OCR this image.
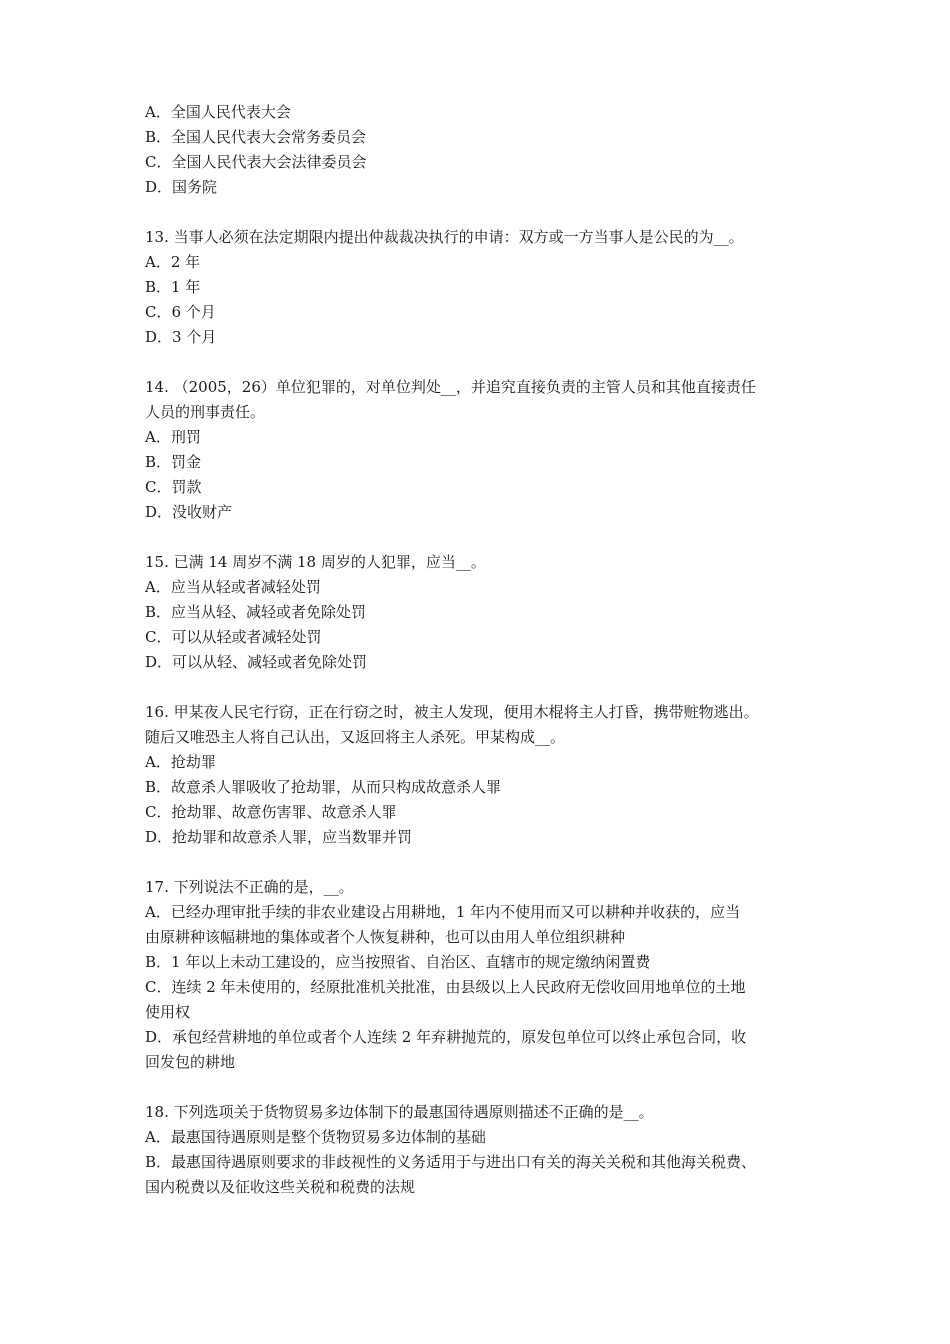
A．全国人民代表大会
B．全国人民代表大会常务委员会
C．全国人民代表大会法律委员会
D．国务院
13. 当事人必须在法定期限内提出仲裁裁决执行的申请：双方或一方当事人是公民的为__。
A．2 年
B．1 年
C．6 个月
D．3 个月
14. （2005，26）单位犯罪的，对单位判处__，并追究直接负责的主管人员和其他直接责任
人员的刑事责任。
A．刑罚
B．罚金
C．罚款
D．没收财产
15. 已满 14 周岁不满 18 周岁的人犯罪，应当__。
A．应当从轻或者减轻处罚
B．应当从轻、减轻或者免除处罚
C．可以从轻或者减轻处罚
D．可以从轻、减轻或者免除处罚
16. 甲某夜人民宅行窃，正在行窃之时，被主人发现，便用木棍将主人打昏，携带赃物逃出。
随后又唯恐主人将自己认出，又返回将主人杀死。甲某构成__。
A．抢劫罪
B．故意杀人罪吸收了抢劫罪，从而只构成故意杀人罪
C．抢劫罪、故意伤害罪、故意杀人罪
D．抢劫罪和故意杀人罪，应当数罪并罚
17. 下列说法不正确的是，__。
A．已经办理审批手续的非农业建设占用耕地，1 年内不使用而又可以耕种并收获的，应当
由原耕种该幅耕地的集体或者个人恢复耕种，也可以由用人单位组织耕种
B．1 年以上未动工建设的，应当按照省、自治区、直辖市的规定缴纳闲置费
C．连续 2 年未使用的，经原批准机关批准，由县级以上人民政府无偿收回用地单位的土地
使用权
D．承包经营耕地的单位或者个人连续 2 年弃耕抛荒的，原发包单位可以终止承包合同，收
回发包的耕地
18. 下列选项关于货物贸易多边体制下的最惠国待遇原则描述不正确的是__。
A．最惠国待遇原则是整个货物贸易多边体制的基础
B．最惠国待遇原则要求的非歧视性的义务适用于与进出口有关的海关关税和其他海关税费、
国内税费以及征收这些关税和税费的法规
